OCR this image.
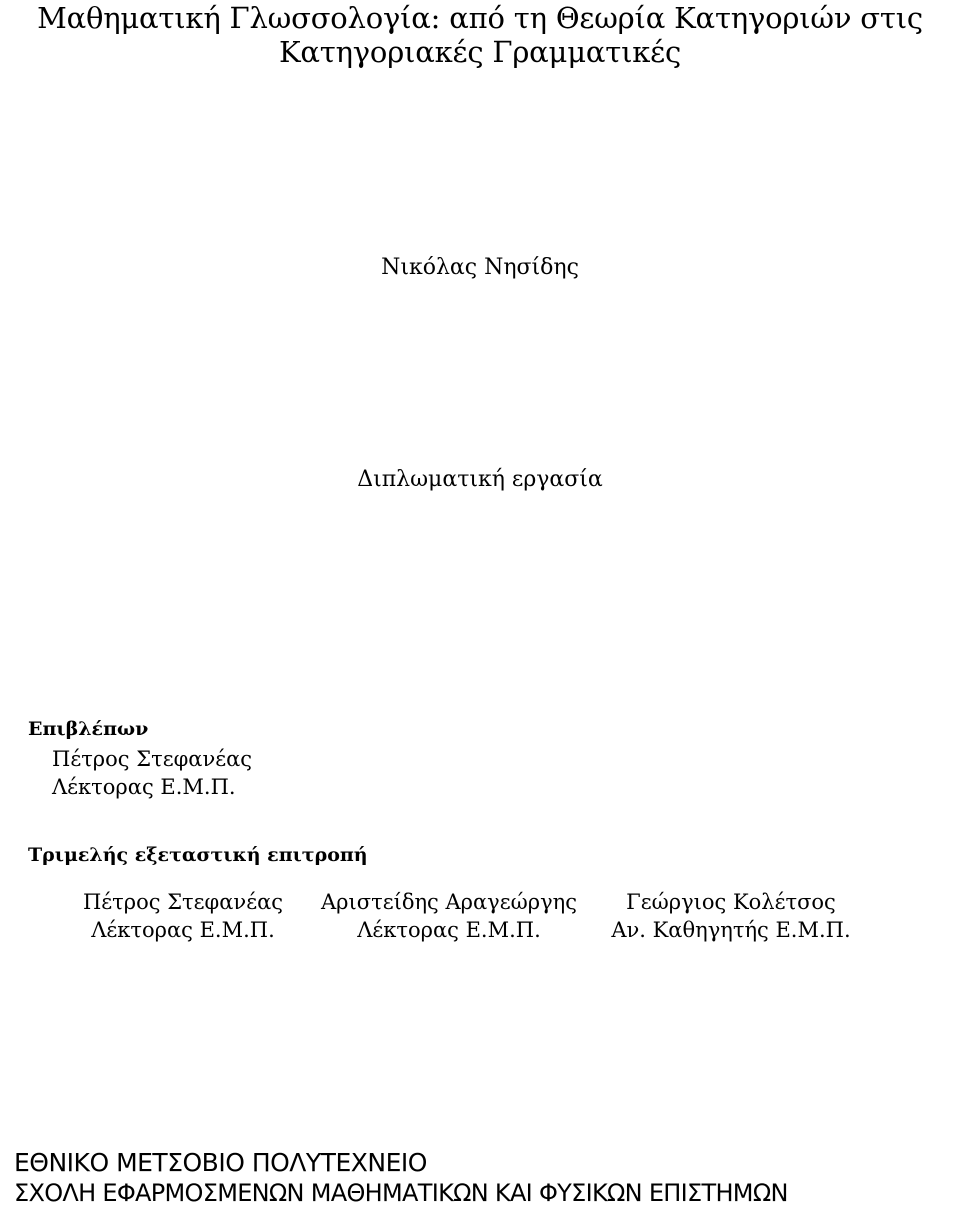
Μαθηματική Γλωσσολογία: από τη Θεωρία Κατηγοριών στις
Κατηγοριακές Γραμματικές
Νικόλας Νησίδης
Διπλωματική εργασία
Επιβλέπων
Πέτρος Στεφανέας
Λέκτορας Ε.Μ.Π.
Τριμελής εξεταστική επιτροπή
Πέτρος Στεφανέας
Λέκτορας Ε.Μ.Π.
Αριστείδης Αραγεώργης
Λέκτορας Ε.Μ.Π.
Γεώργιος Κολέτσος
Αν. Καθηγητής Ε.Μ.Π.
ΕΘΝΙΚΟ ΜΕΤΣΟΒΙΟ ΠΟΛΥΤΕΧΝΕΙΟ
ΣΧΟΛΗ ΕΦΑΡΜΟΣΜΕΝΩΝ ΜΑΘΗΜΑΤΙΚΩΝ ΚΑΙ ΦΥΣΙΚΩΝ ΕΠΙΣΤΗΜΩΝ
